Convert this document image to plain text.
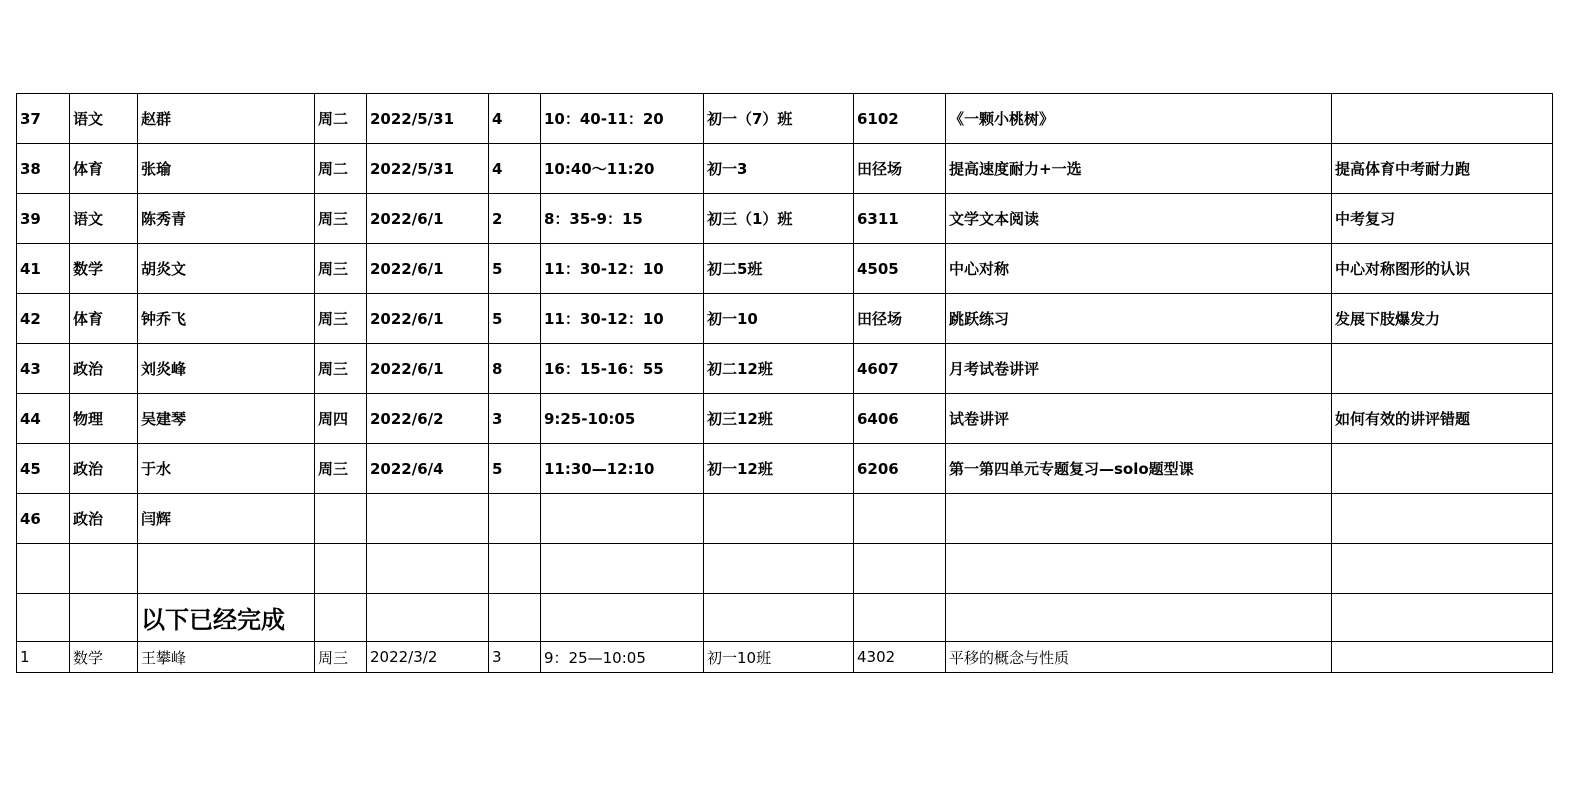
37	语文	赵群	周二	2022/5/31	4	10：40-11：20	初一（7）班	6102	《一颗小桃树》	
38	体育	张瑜	周二	2022/5/31	4	10:40～11:20	初一3	田径场	提高速度耐力+一选	提高体育中考耐力跑
39	语文	陈秀青	周三	2022/6/1	2	8：35-9：15	初三（1）班	6311	文学文本阅读	中考复习
41	数学	胡炎文	周三	2022/6/1	5	11：30-12：10	初二5班	4505	中心对称	中心对称图形的认识
42	体育	钟乔飞	周三	2022/6/1	5	11：30-12：10	初一10	田径场	跳跃练习	发展下肢爆发力
43	政治	刘炎峰	周三	2022/6/1	8	16：15-16：55	初二12班	4607	月考试卷讲评	
44	物理	吴建琴	周四	2022/6/2	3	9:25-10:05	初三12班	6406	试卷讲评	如何有效的讲评错题
45	政治	于水	周三	2022/6/4	5	11:30—12:10	初一12班	6206	第一第四单元专题复习—solo题型课	
46	政治	闫辉								

		以下已经完成								
1	数学	王攀峰	周三	2022/3/2	3	9：25—10:05	初一10班	4302	平移的概念与性质	
